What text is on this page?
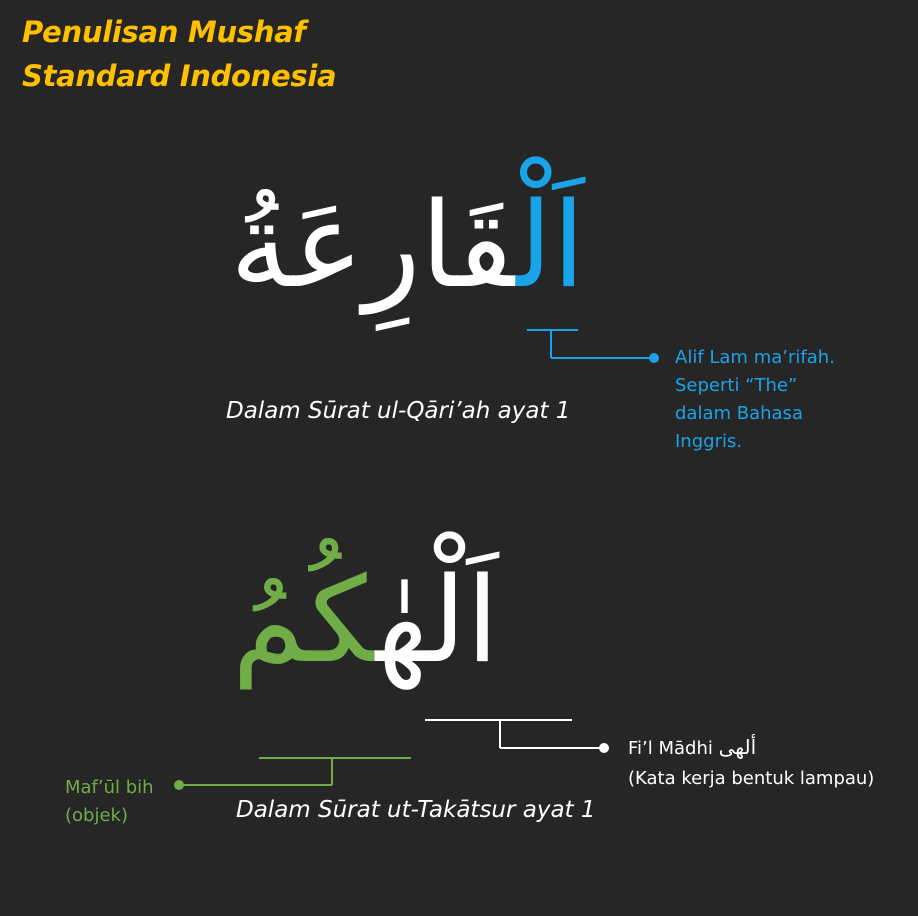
Penulisan Mushaf
Standard Indonesia
اَلْقَارِعَةُ
Dalam Sūrat ul-Qāri’ah ayat 1
Alif Lam ma’rifah.
Seperti “The”
dalam Bahasa
Inggris.
اَلْهٰكُمُ
Dalam Sūrat ut-Takātsur ayat 1
Fi’l Mādhi ألهى
(Kata kerja bentuk lampau)
Maf’ūl bih
(objek)
